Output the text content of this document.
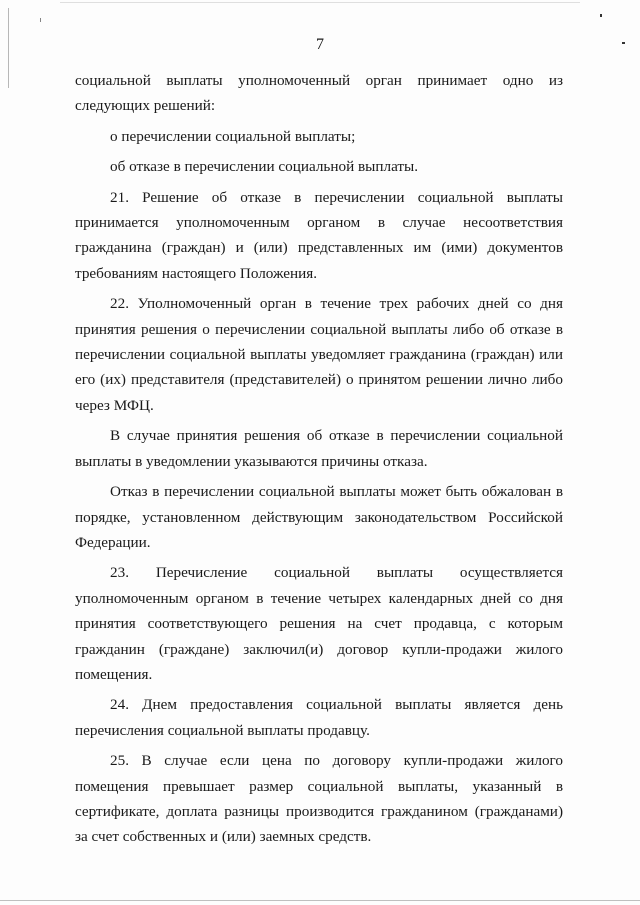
7

социальной выплаты уполномоченный орган принимает одно из следующих решений:

о перечислении социальной выплаты;

об отказе в перечислении социальной выплаты.

21. Решение об отказе в перечислении социальной выплаты принимается уполномоченным органом в случае несоответствия гражданина (граждан) и (или) представленных им (ими) документов требованиям настоящего Положения.

22. Уполномоченный орган в течение трех рабочих дней со дня принятия решения о перечислении социальной выплаты либо об отказе в перечислении социальной выплаты уведомляет гражданина (граждан) или его (их) представителя (представителей) о принятом решении лично либо через МФЦ.

В случае принятия решения об отказе в перечислении социальной выплаты в уведомлении указываются причины отказа.

Отказ в перечислении социальной выплаты может быть обжалован в порядке, установленном действующим законодательством Российской Федерации.

23. Перечисление социальной выплаты осуществляется уполномоченным органом в течение четырех календарных дней со дня принятия соответствующего решения на счет продавца, с которым гражданин (граждане) заключил(и) договор купли-продажи жилого помещения.

24. Днем предоставления социальной выплаты является день перечисления социальной выплаты продавцу.

25. В случае если цена по договору купли-продажи жилого помещения превышает размер социальной выплаты, указанный в сертификате, доплата разницы производится гражданином (гражданами) за счет собственных и (или) заемных средств.
